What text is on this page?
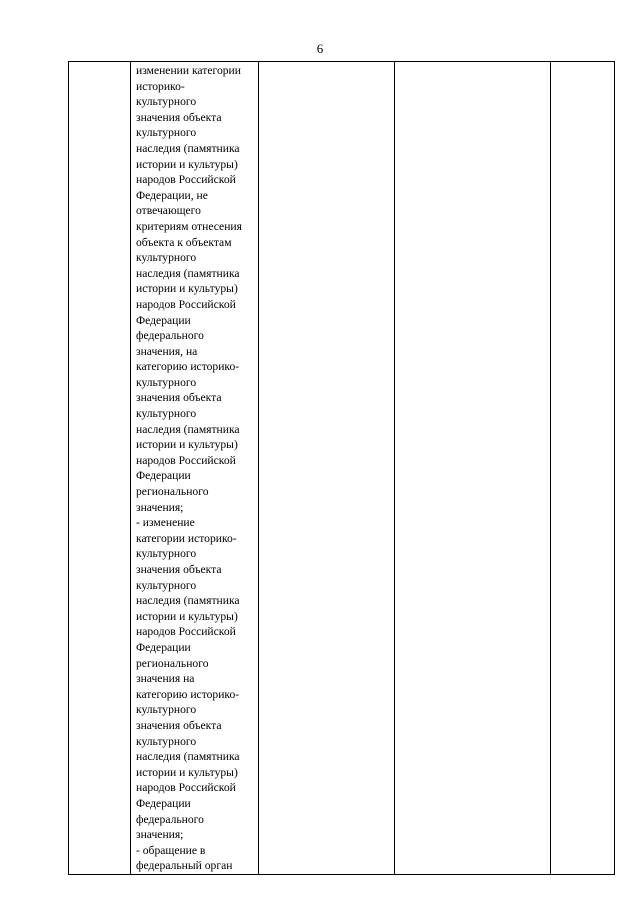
6

изменении категории
историко-
культурного
значения объекта
культурного
наследия (памятника
истории и культуры)
народов Российской
Федерации, не
отвечающего
критериям отнесения
объекта к объектам
культурного
наследия (памятника
истории и культуры)
народов Российской
Федерации
федерального
значения, на
категорию историко-
культурного
значения объекта
культурного
наследия (памятника
истории и культуры)
народов Российской
Федерации
регионального
значения;
- изменение
категории историко-
культурного
значения объекта
культурного
наследия (памятника
истории и культуры)
народов Российской
Федерации
регионального
значения на
категорию историко-
культурного
значения объекта
культурного
наследия (памятника
истории и культуры)
народов Российской
Федерации
федерального
значения;
- обращение в
федеральный орган
